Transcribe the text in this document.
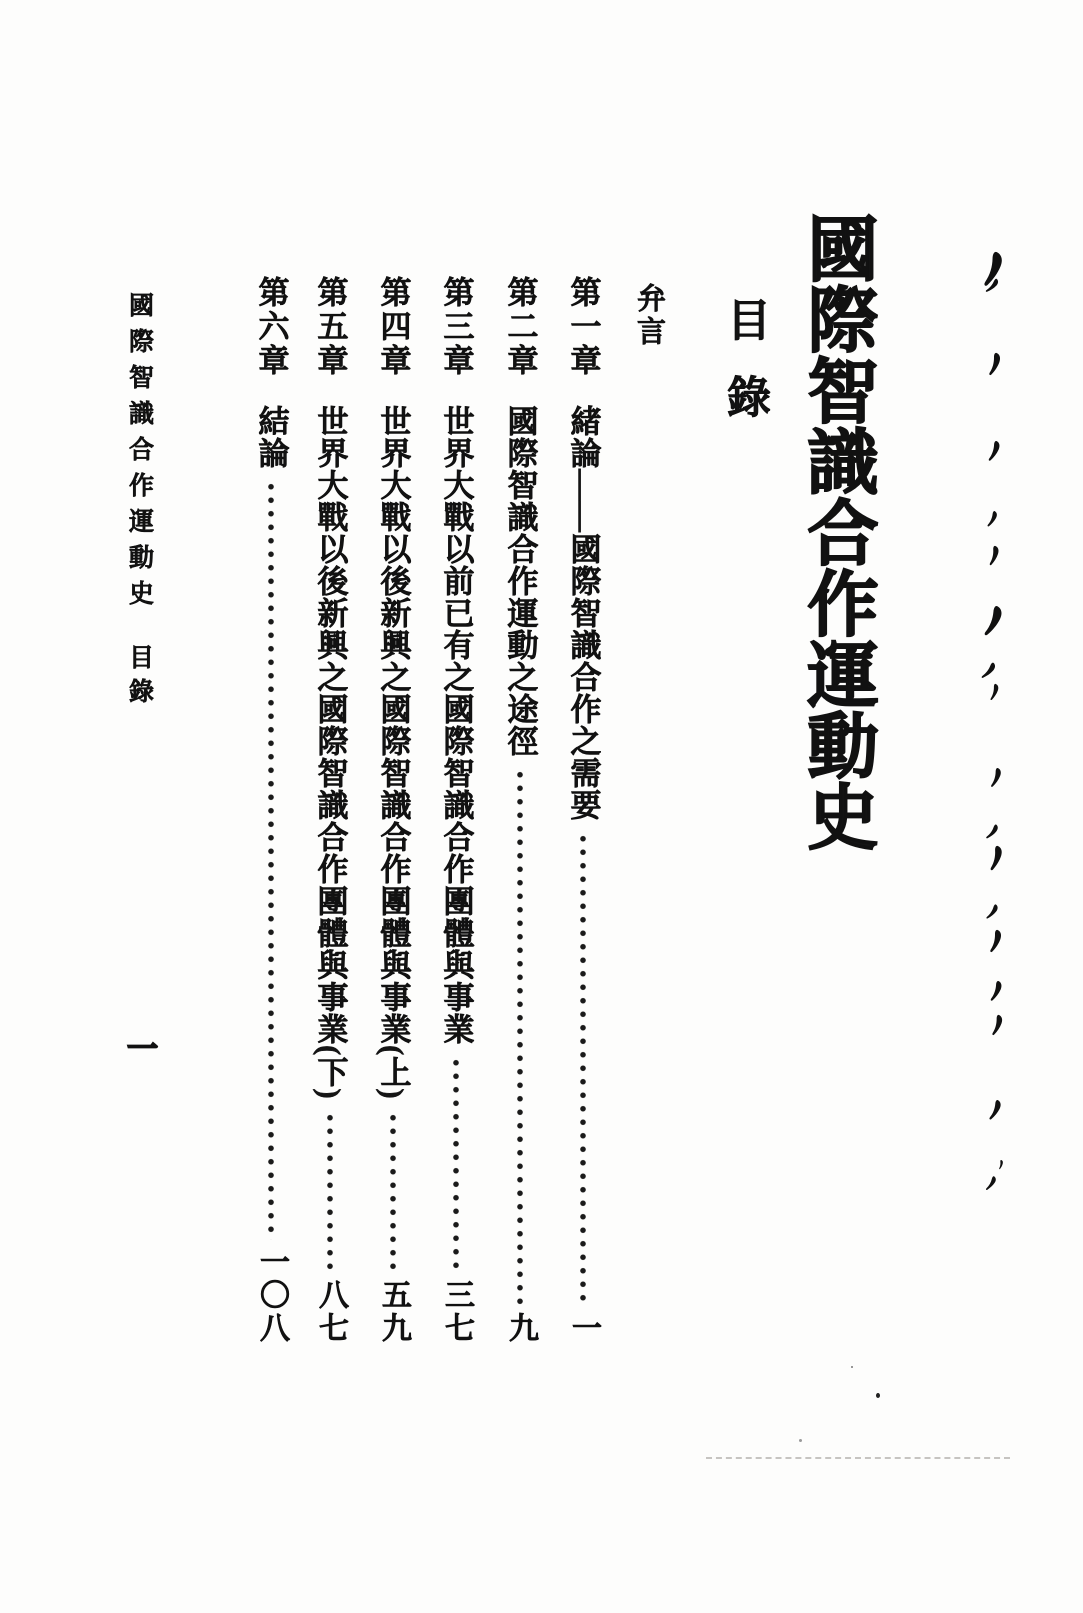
國際智識合作運動史
目錄
弁言
第一章
緒論——國際智識合作之需要
一
第二章
國際智識合作運動之途徑
九
第三章
世界大戰以前已有之國際智識合作團體與事業
三七
第四章
世界大戰以後新興之國際智識合作團體與事業(上)
五九
第五章
世界大戰以後新興之國際智識合作團體與事業(下)
八七
第六章
結論
一〇八
國際智識合作運動史
目錄
一
